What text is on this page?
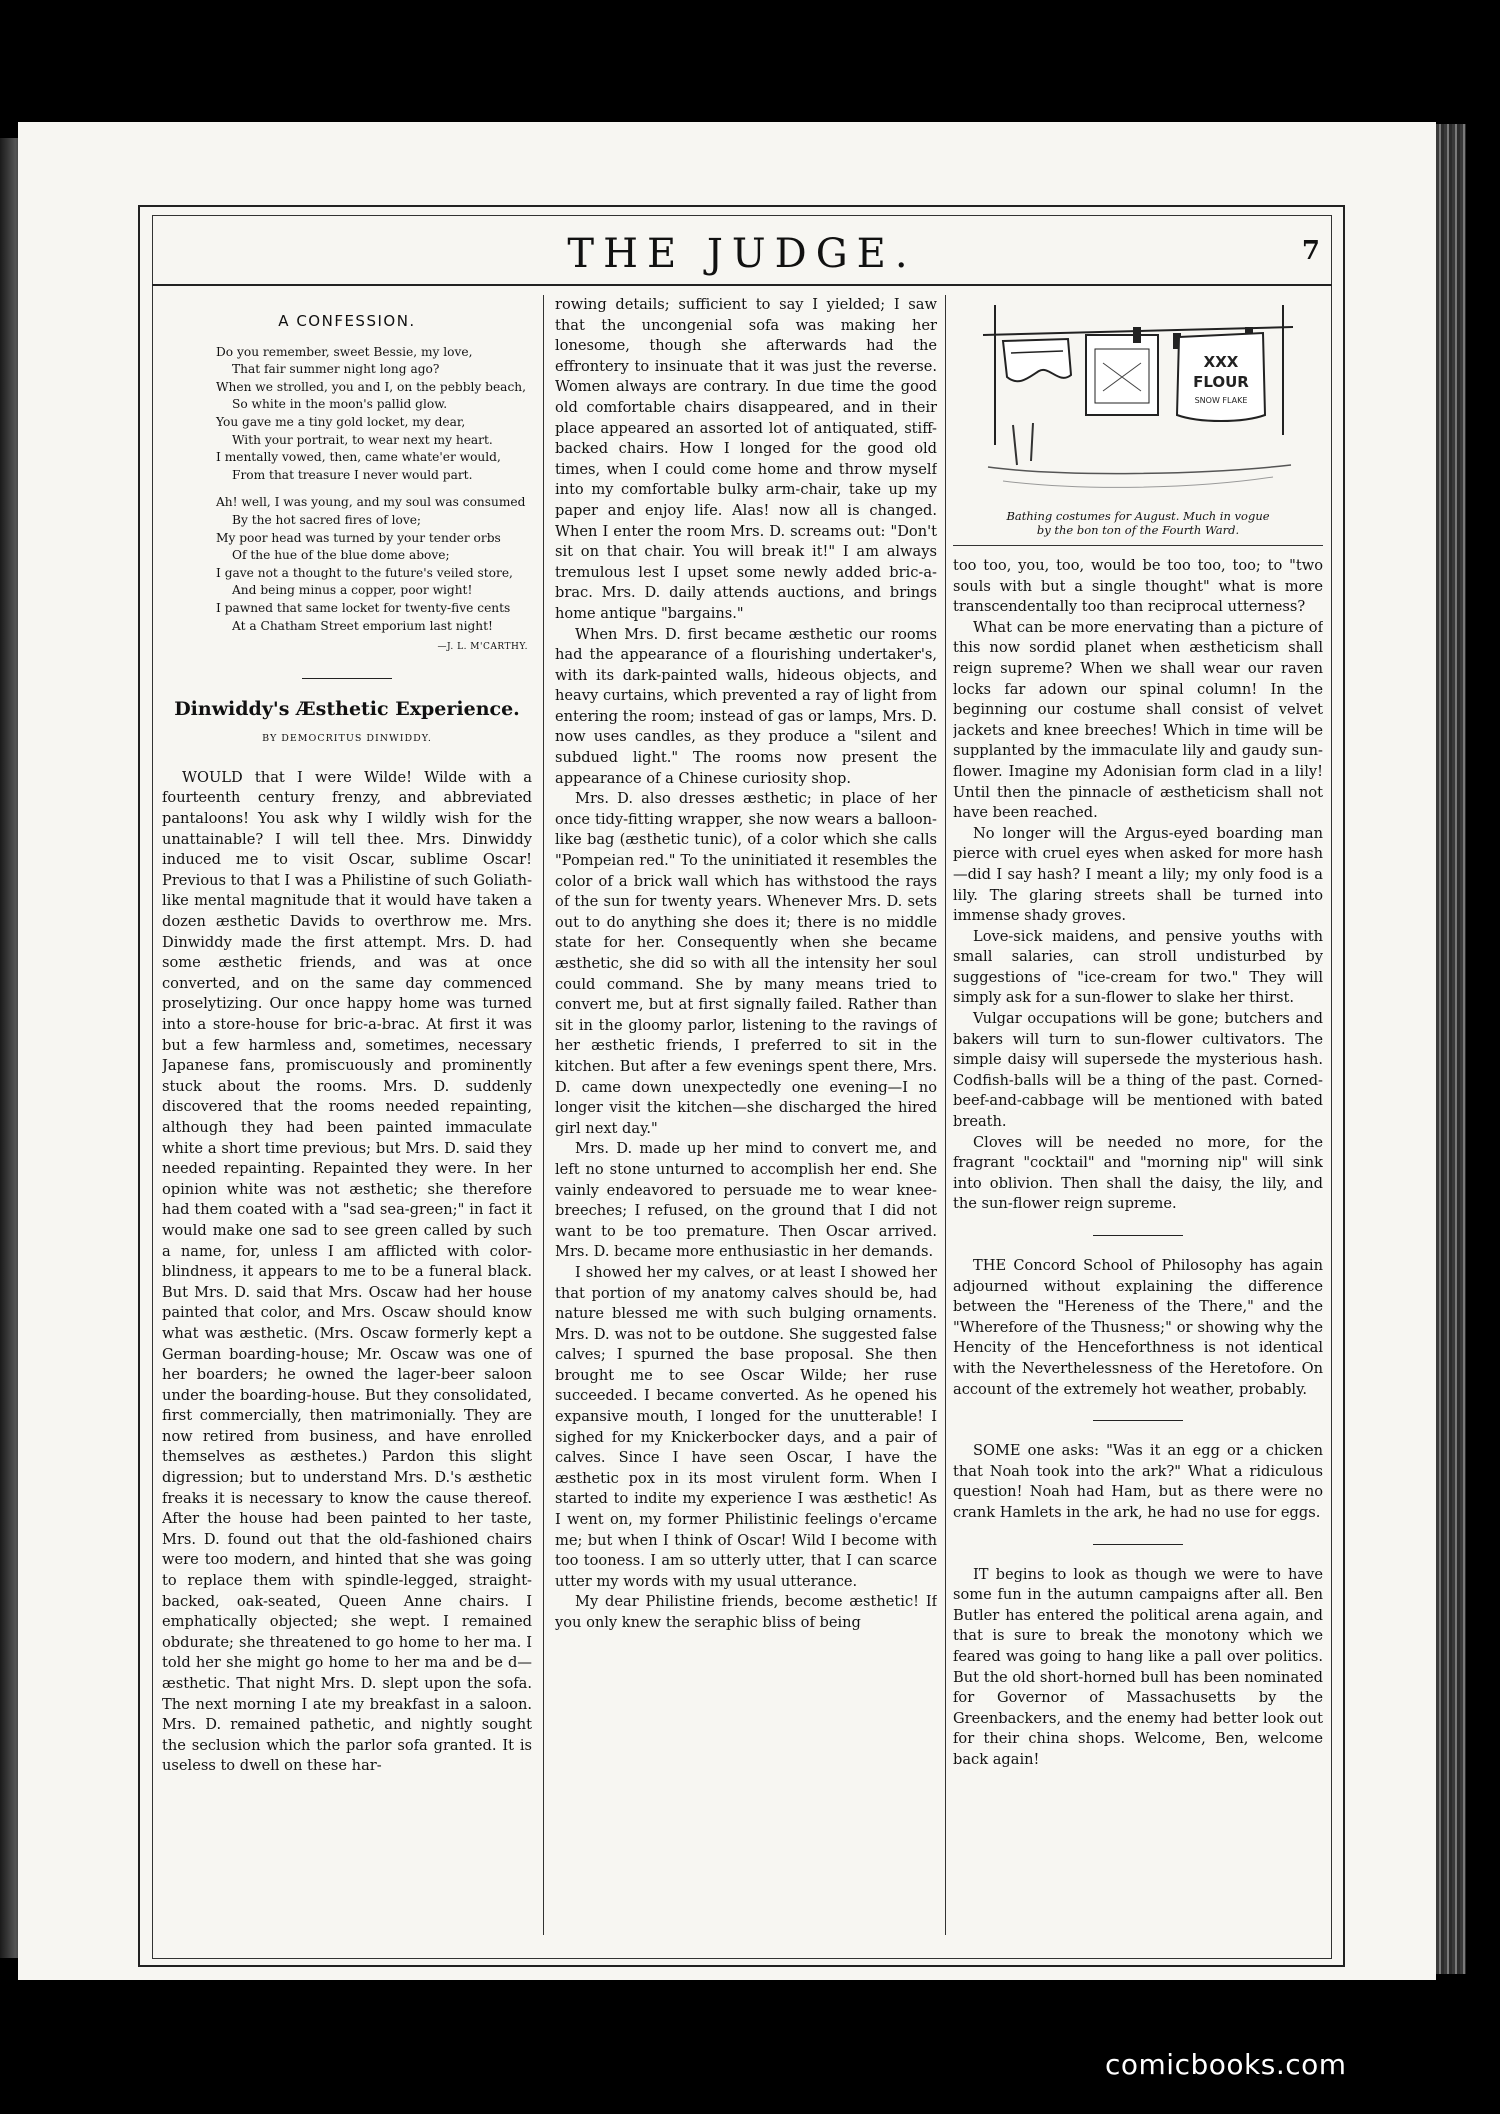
THE JUDGE.	7
A CONFESSION.
Do you remember, sweet Bessie, my love,
That fair summer night long ago?
When we strolled, you and I, on the pebbly beach,
So white in the moon's pallid glow.
You gave me a tiny gold locket, my dear,
With your portrait, to wear next my heart.
I mentally vowed, then, came whate'er would,
From that treasure I never would part.
Ah! well, I was young, and my soul was consumed
By the hot sacred fires of love;
My poor head was turned by your tender orbs
Of the hue of the blue dome above;
I gave not a thought to the future's veiled store,
And being minus a copper, poor wight!
I pawned that same locket for twenty-five cents
At a Chatham Street emporium last night!
—J. L. M'CARTHY.
Dinwiddy's Æsthetic Experience.
BY DEMOCRITUS DINWIDDY.

WOULD that I were Wilde! Wilde with a fourteenth century frenzy, and abbreviated pantaloons! You ask why I wildly wish for the unattainable? I will tell thee. Mrs. Dinwiddy induced me to visit Oscar, sublime Oscar! Previous to that I was a Philistine of such Goliath-like mental magnitude that it would have taken a dozen æsthetic Davids to overthrow me. Mrs. Dinwiddy made the first attempt. Mrs. D. had some æsthetic friends, and was at once converted, and on the same day commenced proselytizing. Our once happy home was turned into a store-house for bric-a-brac. At first it was but a few harmless and, sometimes, necessary Japanese fans, promiscuously and prominently stuck about the rooms. Mrs. D. suddenly discovered that the rooms needed repainting, although they had been painted immaculate white a short time previous; but Mrs. D. said they needed repainting. Repainted they were. In her opinion white was not æsthetic; she therefore had them coated with a "sad sea-green;" in fact it would make one sad to see green called by such a name, for, unless I am afflicted with color-blindness, it appears to me to be a funeral black. But Mrs. D. said that Mrs. Oscaw had her house painted that color, and Mrs. Oscaw should know what was æsthetic. (Mrs. Oscaw formerly kept a German boarding-house; Mr. Oscaw was one of her boarders; he owned the lager-beer saloon under the boarding-house. But they consolidated, first commercially, then matrimonially. They are now retired from business, and have enrolled themselves as æsthetes.) Pardon this slight digression; but to understand Mrs. D.'s æsthetic freaks it is necessary to know the cause thereof. After the house had been painted to her taste, Mrs. D. found out that the old-fashioned chairs were too modern, and hinted that she was going to replace them with spindle-legged, straight-backed, oak-seated, Queen Anne chairs. I emphatically objected; she wept. I remained obdurate; she threatened to go home to her ma. I told her she might go home to her ma and be d—æsthetic. That night Mrs. D. slept upon the sofa. The next morning I ate my breakfast in a saloon. Mrs. D. remained pathetic, and nightly sought the seclusion which the parlor sofa granted. It is useless to dwell on these har-

rowing details; sufficient to say I yielded; I saw that the uncongenial sofa was making her lonesome, though she afterwards had the effrontery to insinuate that it was just the reverse. Women always are contrary. In due time the good old comfortable chairs disappeared, and in their place appeared an assorted lot of antiquated, stiff-backed chairs. How I longed for the good old times, when I could come home and throw myself into my comfortable bulky arm-chair, take up my paper and enjoy life. Alas! now all is changed. When I enter the room Mrs. D. screams out: "Don't sit on that chair. You will break it!" I am always tremulous lest I upset some newly added bric-a-brac. Mrs. D. daily attends auctions, and brings home antique "bargains."

When Mrs. D. first became æsthetic our rooms had the appearance of a flourishing undertaker's, with its dark-painted walls, hideous objects, and heavy curtains, which prevented a ray of light from entering the room; instead of gas or lamps, Mrs. D. now uses candles, as they produce a "silent and subdued light." The rooms now present the appearance of a Chinese curiosity shop.

Mrs. D. also dresses æsthetic; in place of her once tidy-fitting wrapper, she now wears a balloon-like bag (æsthetic tunic), of a color which she calls "Pompeian red." To the uninitiated it resembles the color of a brick wall which has withstood the rays of the sun for twenty years. Whenever Mrs. D. sets out to do anything she does it; there is no middle state for her. Consequently when she became æsthetic, she did so with all the intensity her soul could command. She by many means tried to convert me, but at first signally failed. Rather than sit in the gloomy parlor, listening to the ravings of her æsthetic friends, I preferred to sit in the kitchen. But after a few evenings spent there, Mrs. D. came down unexpectedly one evening—I no longer visit the kitchen—she discharged the hired girl next day."

Mrs. D. made up her mind to convert me, and left no stone unturned to accomplish her end. She vainly endeavored to persuade me to wear knee-breeches; I refused, on the ground that I did not want to be too premature. Then Oscar arrived. Mrs. D. became more enthusiastic in her demands.

I showed her my calves, or at least I showed her that portion of my anatomy calves should be, had nature blessed me with such bulging ornaments. Mrs. D. was not to be outdone. She suggested false calves; I spurned the base proposal. She then brought me to see Oscar Wilde; her ruse succeeded. I became converted. As he opened his expansive mouth, I longed for the unutterable! I sighed for my Knickerbocker days, and a pair of calves. Since I have seen Oscar, I have the æsthetic pox in its most virulent form. When I started to indite my experience I was æsthetic! As I went on, my former Philistinic feelings o'ercame me; but when I think of Oscar! Wild I become with too tooness. I am so utterly utter, that I can scarce utter my words with my usual utterance.

My dear Philistine friends, become æsthetic! If you only knew the seraphic bliss of being

XXX
FLOUR
SNOW FLAKE
Bathing costumes for August. Much in vogue
by the bon ton of the Fourth Ward.

too too, you, too, would be too too, too; to "two souls with but a single thought" what is more transcendentally too than reciprocal utterness?

What can be more enervating than a picture of this now sordid planet when æstheticism shall reign supreme? When we shall wear our raven locks far adown our spinal column! In the beginning our costume shall consist of velvet jackets and knee breeches! Which in time will be supplanted by the immaculate lily and gaudy sun-flower. Imagine my Adonisian form clad in a lily! Until then the pinnacle of æstheticism shall not have been reached.

No longer will the Argus-eyed boarding man pierce with cruel eyes when asked for more hash—did I say hash? I meant a lily; my only food is a lily. The glaring streets shall be turned into immense shady groves.

Love-sick maidens, and pensive youths with small salaries, can stroll undisturbed by suggestions of "ice-cream for two." They will simply ask for a sun-flower to slake her thirst.

Vulgar occupations will be gone; butchers and bakers will turn to sun-flower cultivators. The simple daisy will supersede the mysterious hash. Codfish-balls will be a thing of the past. Corned-beef-and-cabbage will be mentioned with bated breath.

Cloves will be needed no more, for the fragrant "cocktail" and "morning nip" will sink into oblivion. Then shall the daisy, the lily, and the sun-flower reign supreme.

THE Concord School of Philosophy has again adjourned without explaining the difference between the "Hereness of the There," and the "Wherefore of the Thusness;" or showing why the Hencity of the Henceforthness is not identical with the Neverthelessness of the Heretofore. On account of the extremely hot weather, probably.

SOME one asks: "Was it an egg or a chicken that Noah took into the ark?" What a ridiculous question! Noah had Ham, but as there were no crank Hamlets in the ark, he had no use for eggs.

IT begins to look as though we were to have some fun in the autumn campaigns after all. Ben Butler has entered the political arena again, and that is sure to break the monotony which we feared was going to hang like a pall over politics. But the old short-horned bull has been nominated for Governor of Massachusetts by the Greenbackers, and the enemy had better look out for their china shops. Welcome, Ben, welcome back again!

comicbooks.com
